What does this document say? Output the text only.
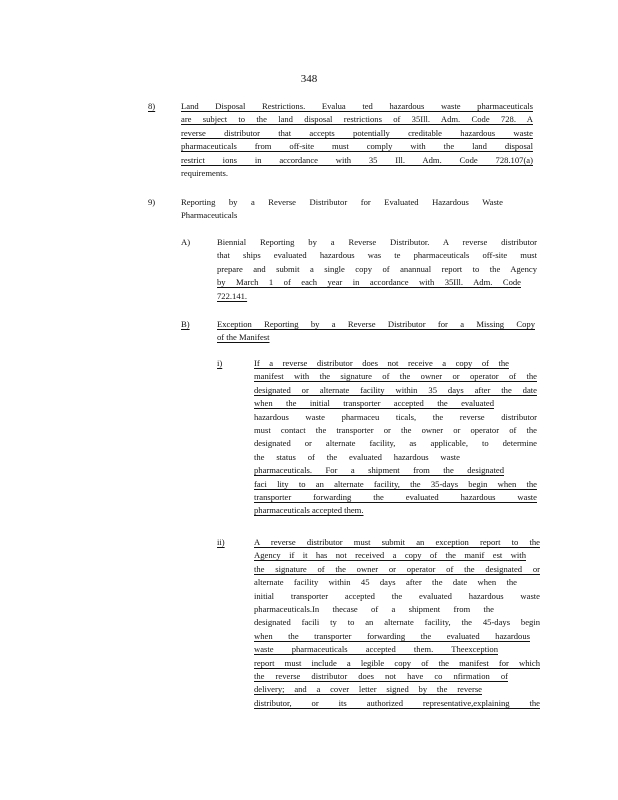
348
8)	Land Disposal Restrictions. Evalua ted hazardous waste pharmaceuticals
are subject to the land disposal restrictions of 35Ill. Adm. Code 728. A
reverse distributor that accepts potentially creditable hazardous waste
pharmaceuticals from off-site must comply with the land disposal
restrict ions in accordance with 35 Ill. Adm. Code 728.107(a)
requirements.
9)	Reporting by a Reverse Distributor for Evaluated Hazardous Waste
Pharmaceuticals
A)	Biennial Reporting by a Reverse Distributor. A reverse distributor
that ships evaluated hazardous was te pharmaceuticals off-site must
prepare and submit a single copy of anannual report to the Agency
by March 1 of each year in accordance with 35Ill. Adm. Code
722.141.
B)	Exception Reporting by a Reverse Distributor for a Missing Copy
of the Manifest
i)	If a reverse distributor does not receive a copy of the
manifest with the signature of the owner or operator of the
designated or alternate facility within 35 days after the date
when the initial transporter accepted the evaluated
hazardous waste pharmaceu ticals, the reverse distributor
must contact the transporter or the owner or operator of the
designated or alternate facility, as applicable, to determine
the status of the evaluated hazardous waste
pharmaceuticals. For a shipment from the designated
faci lity to an alternate facility, the 35-days begin when the
transporter forwarding the evaluated hazardous waste
pharmaceuticals accepted them.
ii)	A reverse distributor must submit an exception report to the
Agency if it has not received a copy of the manif est with
the signature of the owner or operator of the designated or
alternate facility within 45 days after the date when the
initial transporter accepted the evaluated hazardous waste
pharmaceuticals.In thecase of a shipment from the
designated facili ty to an alternate facility, the 45-days begin
when the transporter forwarding the evaluated hazardous
waste pharmaceuticals accepted them. Theexception
report must include a legible copy of the manifest for which
the reverse distributor does not have co nfirmation of
delivery; and a cover letter signed by the reverse
distributor, or its authorized representative,explaining the
